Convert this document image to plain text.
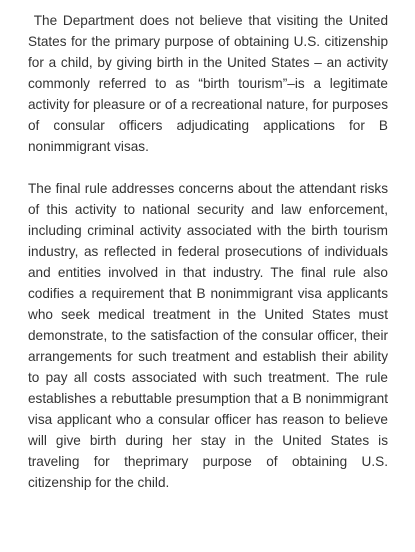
The Department does not believe that visiting the United States for the primary purpose of obtaining U.S. citizenship for a child, by giving birth in the United States – an activity commonly referred to as “birth tourism”–is a legitimate activity for pleasure or of a recreational nature, for purposes of consular officers adjudicating applications for B nonimmigrant visas.

The final rule addresses concerns about the attendant risks of this activity to national security and law enforcement, including criminal activity associated with the birth tourism industry, as reflected in federal prosecutions of individuals and entities involved in that industry. The final rule also codifies a requirement that B nonimmigrant visa applicants who seek medical treatment in the United States must demonstrate, to the satisfaction of the consular officer, their arrangements for such treatment and establish their ability to pay all costs associated with such treatment. The rule establishes a rebuttable presumption that a B nonimmigrant visa applicant who a consular officer has reason to believe will give birth during her stay in the United States is traveling for theprimary purpose of obtaining U.S. citizenship for the child.
